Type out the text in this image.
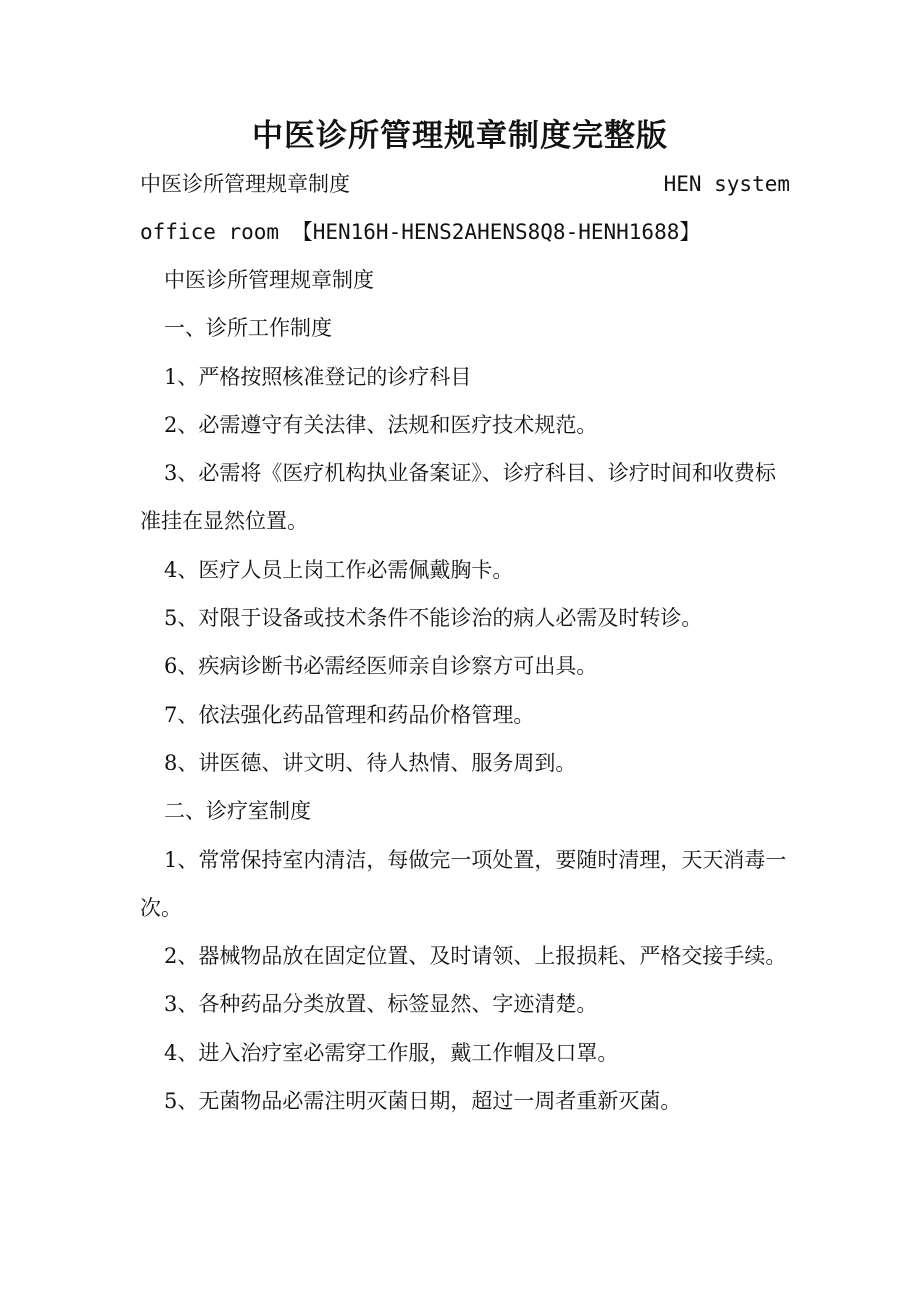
中医诊所管理规章制度完整版
中医诊所管理规章制度	HEN system
office room 【HEN16H-HENS2AHENS8Q8-HENH1688】

中医诊所管理规章制度

一、诊所工作制度

1、严格按照核准登记的诊疗科目

2、必需遵守有关法律、法规和医疗技术规范。

3、必需将《医疗机构执业备案证》、诊疗科目、诊疗时间和收费标准挂在显然位置。

4、医疗人员上岗工作必需佩戴胸卡。

5、对限于设备或技术条件不能诊治的病人必需及时转诊。

6、疾病诊断书必需经医师亲自诊察方可出具。

7、依法强化药品管理和药品价格管理。

8、讲医德、讲文明、待人热情、服务周到。

二、诊疗室制度

1、常常保持室内清洁，每做完一项处置，要随时清理，天天消毒一次。

2、器械物品放在固定位置、及时请领、上报损耗、严格交接手续。

3、各种药品分类放置、标签显然、字迹清楚。

4、进入治疗室必需穿工作服，戴工作帽及口罩。

5、无菌物品必需注明灭菌日期，超过一周者重新灭菌。
